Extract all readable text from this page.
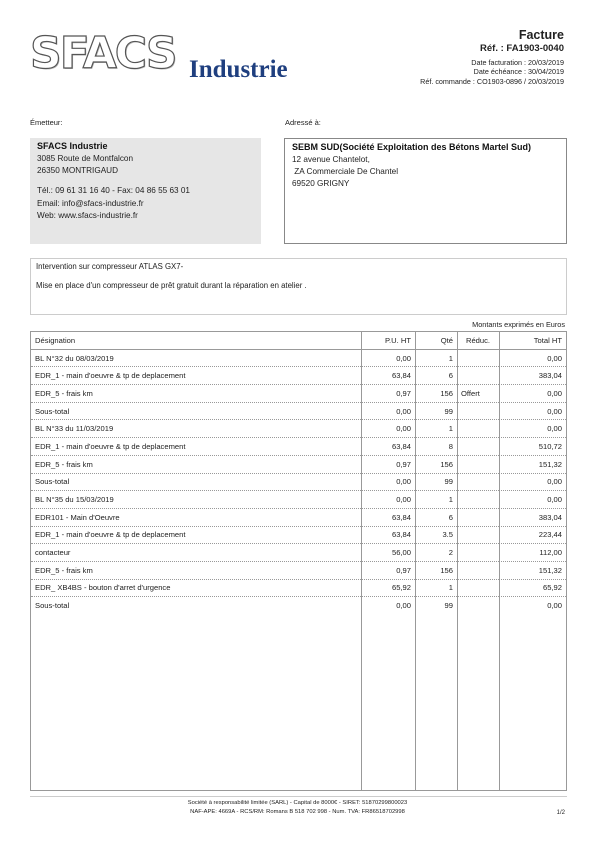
SFACS Industrie
Facture
Réf. : FA1903-0040
Date facturation : 20/03/2019
Date échéance : 30/04/2019
Réf. commande : CO1903-0896 / 20/03/2019
Émetteur:
SFACS Industrie
3085 Route de Montfalcon
26350 MONTRIGAUD
Tél.: 09 61 31 16 40 - Fax: 04 86 55 63 01
Email: info@sfacs-industrie.fr
Web: www.sfacs-industrie.fr
Adressé à:
SEBM SUD(Société Exploitation des Bétons Martel Sud)
12 avenue Chantelot,
ZA Commerciale De Chantel
69520 GRIGNY
Intervention sur compresseur ATLAS GX7-
Mise en place d'un compresseur de prêt gratuit durant la réparation en atelier .
Montants exprimés en Euros
Désignation	P.U. HT	Qté	Réduc.	Total HT
BL N°32 du 08/03/2019	0,00	1		0,00
EDR_1 - main d'oeuvre & tp de deplacement	63,84	6		383,04
EDR_5 - frais km	0,97	156	Offert	0,00
Sous-total	0,00	99		0,00
BL N°33 du 11/03/2019	0,00	1		0,00
EDR_1 - main d'oeuvre & tp de deplacement	63,84	8		510,72
EDR_5 - frais km	0,97	156		151,32
Sous-total	0,00	99		0,00
BL N°35 du 15/03/2019	0,00	1		0,00
EDR101 - Main d'Oeuvre	63,84	6		383,04
EDR_1 - main d'oeuvre & tp de deplacement	63,84	3.5		223,44
contacteur	56,00	2		112,00
EDR_5 - frais km	0,97	156		151,32
EDR_ XB4BS - bouton d'arret d'urgence	65,92	1		65,92
Sous-total	0,00	99		0,00
Société à responsabilité limitée (SARL) - Capital de 8000€ - SIRET: 51870299800023
NAF-APE: 4669A - RCS/RM: Romans B 518 702 998 - Num. TVA: FR86518702998	1/2
